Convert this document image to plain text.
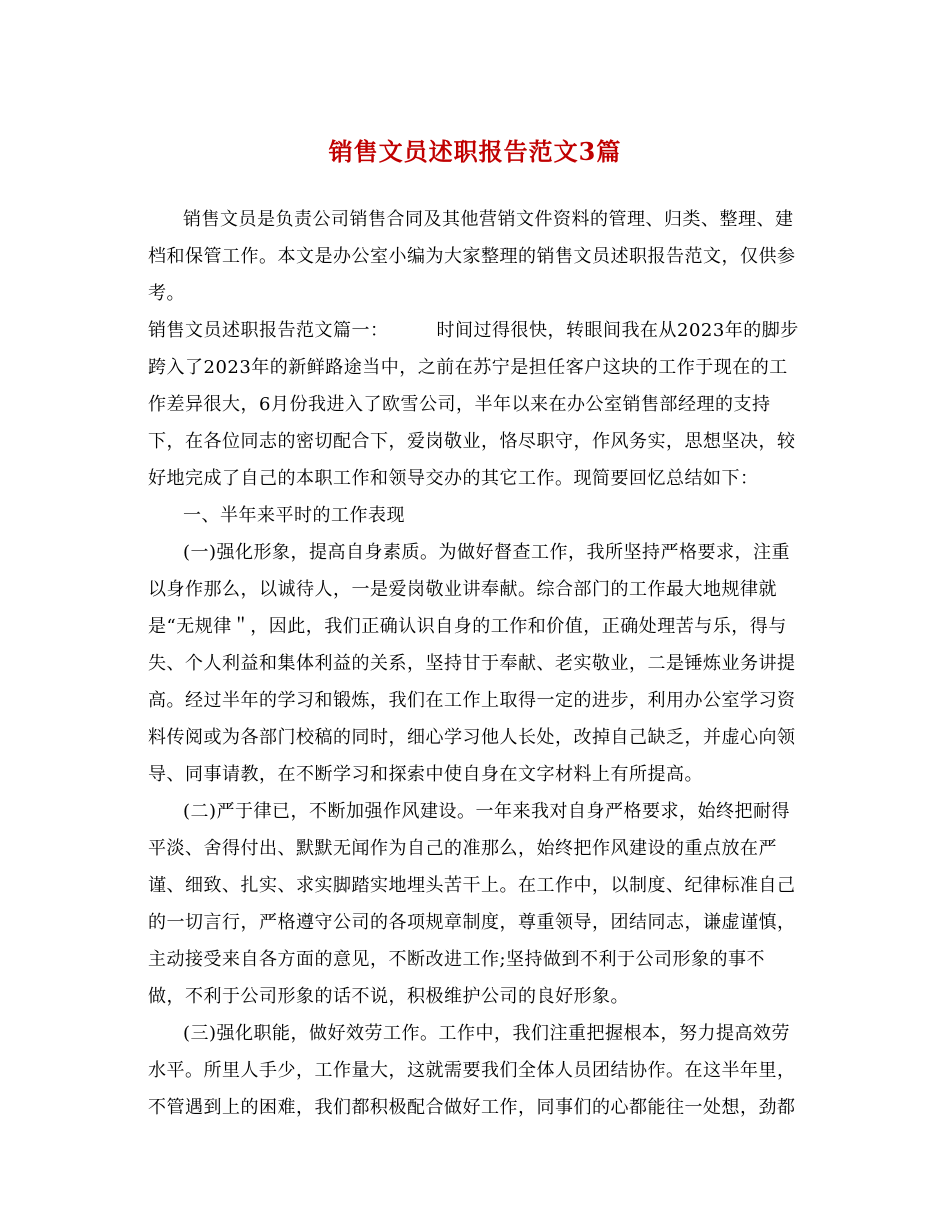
销售文员述职报告范文3篇
销售文员是负责公司销售合同及其他营销文件资料的管理、归类、整理、建
档和保管工作。本文是办公室小编为大家整理的销售文员述职报告范文，仅供参
考。
销售文员述职报告范文篇一：	时间过得很快，转眼间我在从2023年的脚步
跨入了2023年的新鲜路途当中，之前在苏宁是担任客户这块的工作于现在的工
作差异很大，6月份我进入了欧雪公司，半年以来在办公室销售部经理的支持
下，在各位同志的密切配合下，爱岗敬业，恪尽职守，作风务实，思想坚决，较
好地完成了自己的本职工作和领导交办的其它工作。现简要回忆总结如下：
一、半年来平时的工作表现
(一)强化形象，提高自身素质。为做好督查工作，我所坚持严格要求，注重
以身作那么，以诚待人，一是爱岗敬业讲奉献。综合部门的工作最大地规律就
是“无规律＂，因此，我们正确认识自身的工作和价值，正确处理苦与乐，得与
失、个人利益和集体利益的关系，坚持甘于奉献、老实敬业，二是锤炼业务讲提
高。经过半年的学习和锻炼，我们在工作上取得一定的进步，利用办公室学习资
料传阅或为各部门校稿的同时，细心学习他人长处，改掉自己缺乏，并虚心向领
导、同事请教，在不断学习和探索中使自身在文字材料上有所提高。
(二)严于律已，不断加强作风建设。一年来我对自身严格要求，始终把耐得
平淡、舍得付出、默默无闻作为自己的准那么，始终把作风建设的重点放在严
谨、细致、扎实、求实脚踏实地埋头苦干上。在工作中，以制度、纪律标准自己
的一切言行，严格遵守公司的各项规章制度，尊重领导，团结同志，谦虚谨慎，
主动接受来自各方面的意见，不断改进工作;坚持做到不利于公司形象的事不
做，不利于公司形象的话不说，积极维护公司的良好形象。
(三)强化职能，做好效劳工作。工作中，我们注重把握根本，努力提高效劳
水平。所里人手少，工作量大，这就需要我们全体人员团结协作。在这半年里，
不管遇到上的困难，我们都积极配合做好工作，同事们的心都能往一处想，劲都
